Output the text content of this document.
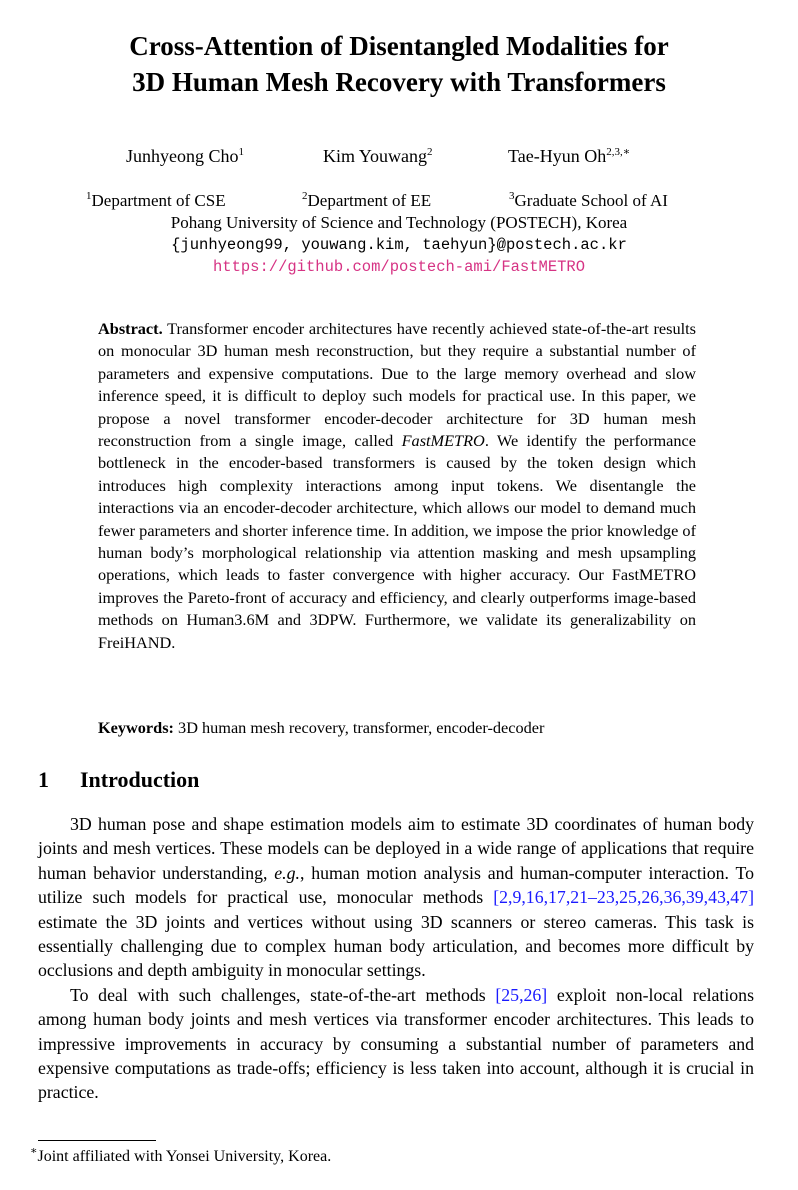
Cross-Attention of Disentangled Modalities for
3D Human Mesh Recovery with Transformers
Junhyeong Cho$^1$	Kim Youwang$^2$	Tae-Hyun $Oh^{2,3,∗}$
$^1$Department of CSE	$^2$Department of EE	$^3$Graduate School of AI
Pohang University of Science and Technology (POSTECH), Korea
{junhyeong99, youwang.kim, taehyun}@postech.ac.kr
https://github.com/postech-ami/FastMETRO
Abstract. Transformer encoder architectures have recently achieved state-of-the-art results on monocular 3D human mesh reconstruction, but they require a substantial number of parameters and expensive computations. Due to the large memory overhead and slow inference speed, it is difficult to deploy such models for practical use. In this paper, we propose a novel transformer encoder-decoder architecture for 3D human mesh reconstruction from a single image, called FastMETRO. We identify the performance bottleneck in the encoder-based transformers is caused by the token design which introduces high complexity interactions among input tokens. We disentangle the interactions via an encoder-decoder architecture, which allows our model to demand much fewer parameters and shorter inference time. In addition, we impose the prior knowledge of human body’s morphological relationship via attention masking and mesh upsampling operations, which leads to faster convergence with higher accuracy. Our FastMETRO improves the Pareto-front of accuracy and efficiency, and clearly outperforms image-based methods on Human3.6M and 3DPW. Furthermore, we validate its generalizability on FreiHAND.
Keywords: 3D human mesh recovery, transformer, encoder-decoder
1 Introduction

3D human pose and shape estimation models aim to estimate 3D coordinates of human body joints and mesh vertices. These models can be deployed in a wide range of applications that require human behavior understanding, e.g., human motion analysis and human-computer interaction. To utilize such models for practical use, monocular methods [2,9,16,17,21–23,25,26,36,39,43,47] estimate the 3D joints and vertices without using 3D scanners or stereo cameras. This task is essentially challenging due to complex human body articulation, and becomes more difficult by occlusions and depth ambiguity in monocular settings.

To deal with such challenges, state-of-the-art methods [25,26] exploit non-local relations among human body joints and mesh vertices via transformer encoder architectures. This leads to impressive improvements in accuracy by consuming a substantial number of parameters and expensive computations as trade-offs; efficiency is less taken into account, although it is crucial in practice.

∗Joint affiliated with Yonsei University, Korea.
